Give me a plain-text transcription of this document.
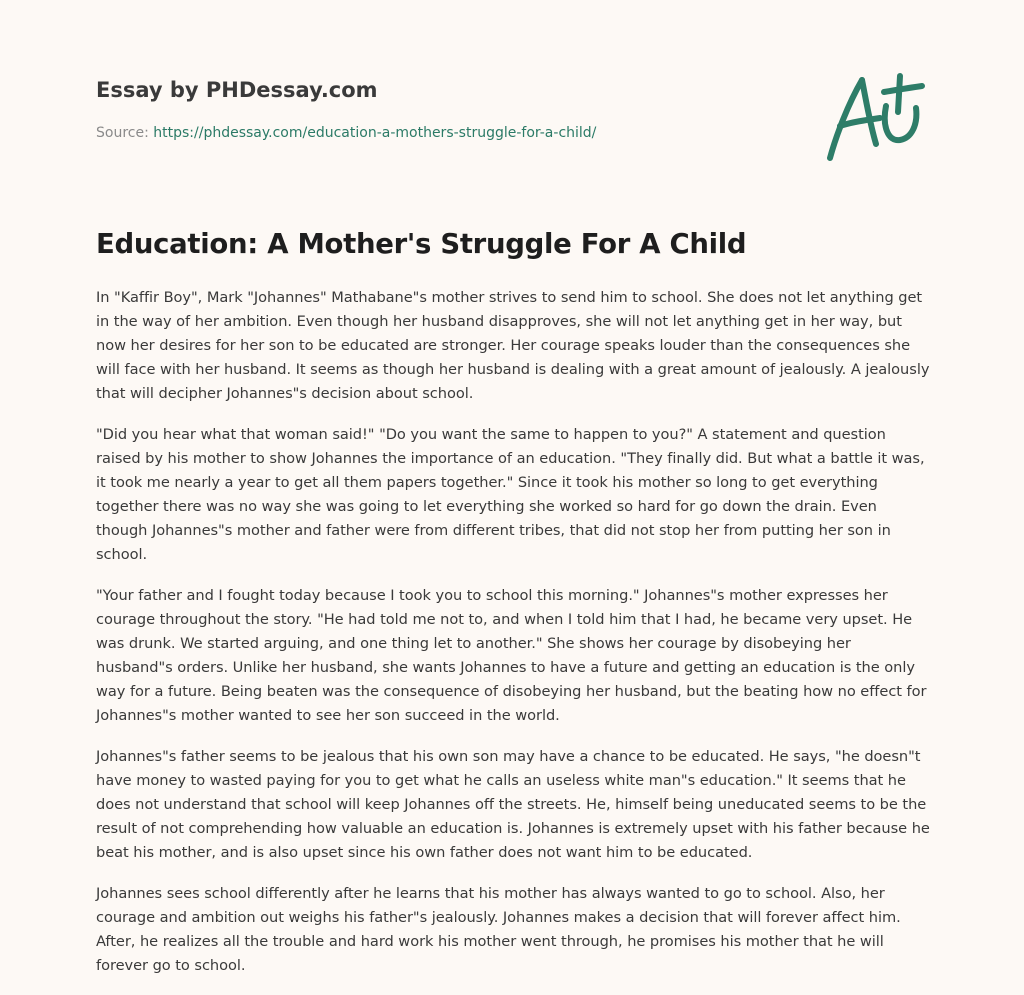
Essay by PHDessay.com
Source: https://phdessay.com/education-a-mothers-struggle-for-a-child/
Education: A Mother's Struggle For A Child

In "Kaffir Boy", Mark "Johannes" Mathabane"s mother strives to send him to school. She does not let anything get in the way of her ambition. Even though her husband disapproves, she will not let anything get in her way, but now her desires for her son to be educated are stronger. Her courage speaks louder than the consequences she will face with her husband. It seems as though her husband is dealing with a great amount of jealously. A jealously that will decipher Johannes"s decision about school.

"Did you hear what that woman said!" "Do you want the same to happen to you?" A statement and question raised by his mother to show Johannes the importance of an education. "They finally did. But what a battle it was, it took me nearly a year to get all them papers together." Since it took his mother so long to get everything together there was no way she was going to let everything she worked so hard for go down the drain. Even though Johannes"s mother and father were from different tribes, that did not stop her from putting her son in school.

"Your father and I fought today because I took you to school this morning." Johannes"s mother expresses her courage throughout the story. "He had told me not to, and when I told him that I had, he became very upset. He was drunk. We started arguing, and one thing let to another." She shows her courage by disobeying her husband"s orders. Unlike her husband, she wants Johannes to have a future and getting an education is the only way for a future. Being beaten was the consequence of disobeying her husband, but the beating how no effect for Johannes"s mother wanted to see her son succeed in the world.

Johannes"s father seems to be jealous that his own son may have a chance to be educated. He says, "he doesn"t have money to wasted paying for you to get what he calls an useless white man"s education." It seems that he does not understand that school will keep Johannes off the streets. He, himself being uneducated seems to be the result of not comprehending how valuable an education is. Johannes is extremely upset with his father because he beat his mother, and is also upset since his own father does not want him to be educated.

Johannes sees school differently after he learns that his mother has always wanted to go to school. Also, her courage and ambition out weighs his father"s jealously. Johannes makes a decision that will forever affect him. After, he realizes all the trouble and hard work his mother went through, he promises his mother that he will forever go to school.
